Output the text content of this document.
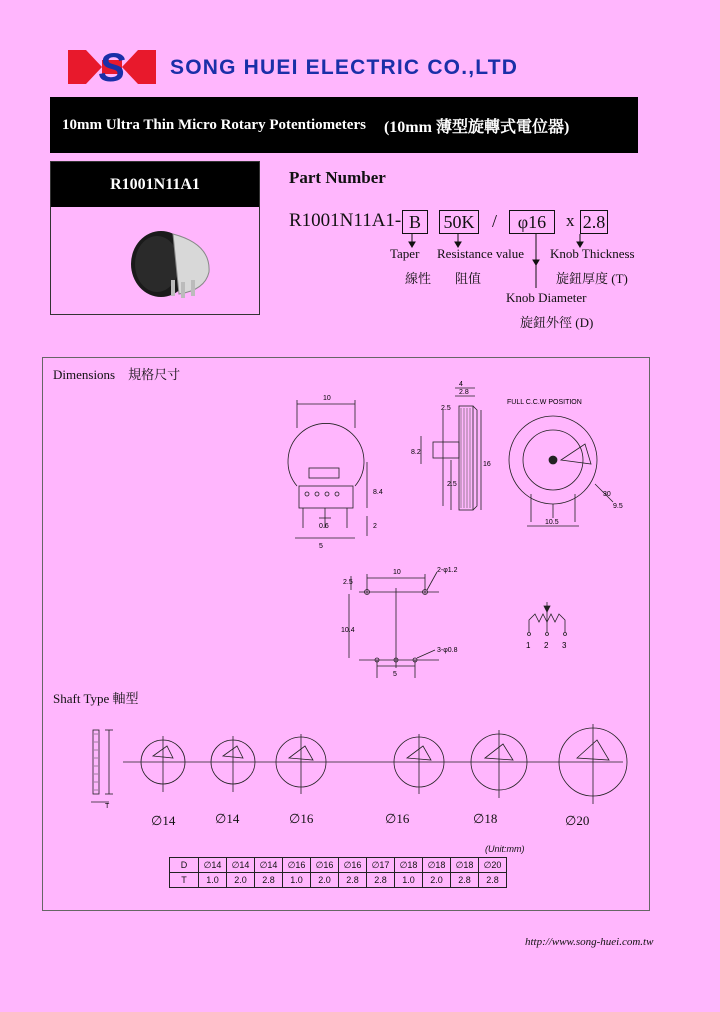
S SONG HUEI ELECTRIC CO.,LTD
10mm Ultra Thin Micro Rotary Potentiometers (10mm 薄型旋轉式電位器)
R1001N11A1	Part Number
R1001N11A1- B	50K /	φ16	x 2.8
Taper
線性
Resistance value
阻值
Knob Thickness
旋鈕厚度 (T)
Knob Diameter
旋鈕外徑 (D)
Dimensions　規格尺寸
10
8.4
2
0.6
5
4
2.8
2.5
8.2
2.5
16
FULL C.C.W POSITION
10.5
30
9.5
2.5
10
10.4
5
2-φ1.2
3-φ0.8
1 2 3
Shaft Type 軸型
T
∅14	∅14	∅16	∅16	∅18	∅20
(Unit:mm)
D	∅14	∅14	∅14	∅16	∅16	∅16	∅17	∅18	∅18	∅18	∅20
T	1.0	2.0	2.8	1.0	2.0	2.8	2.8	1.0	2.0	2.8	2.8
http://www.song-huei.com.tw
